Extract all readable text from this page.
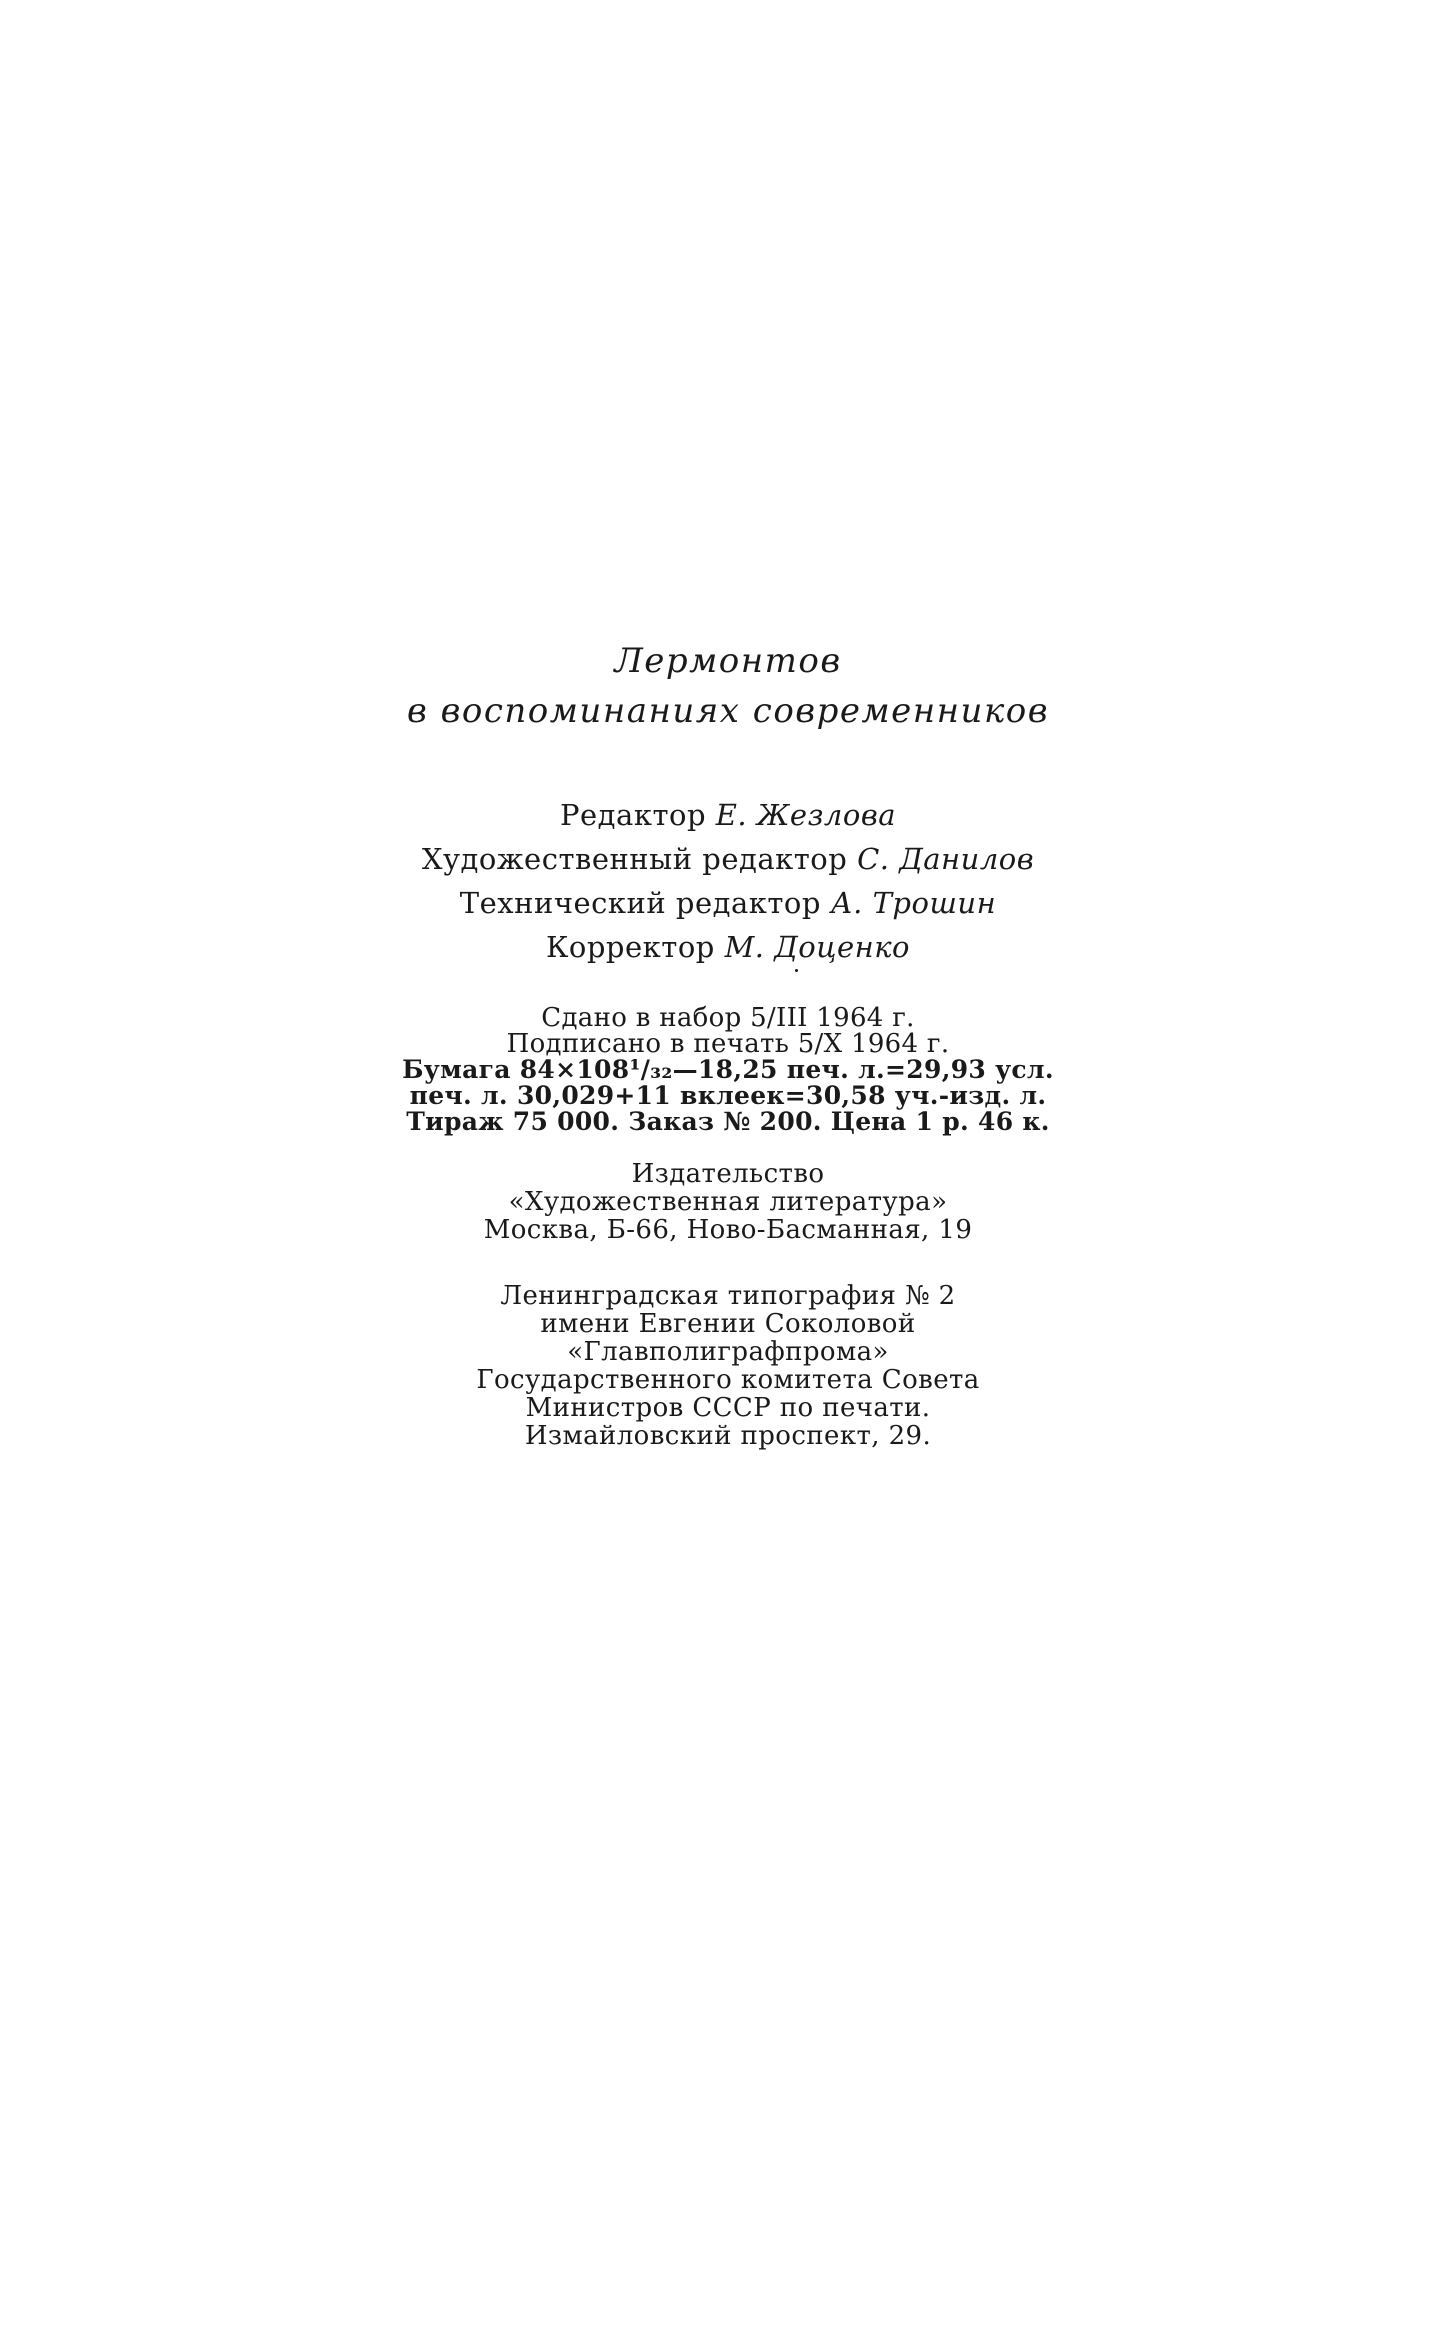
Лермонтов
в воспоминаниях современников
Редактор Е. Жезлова
Художественный редактор С. Данилов
Технический редактор А. Трошин
Корректор М. Доценко
Сдано в набор 5/III 1964 г.
Подписано в печать 5/X 1964 г.
Бумага 84×108¹/₃₂—18,25 печ. л.=29,93 усл.
печ. л. 30,029+11 вклеек=30,58 уч.-изд. л.
Тираж 75 000. Заказ № 200. Цена 1 р. 46 к.
Издательство
«Художественная литература»
Москва, Б-66, Ново-Басманная, 19
Ленинградская типография № 2
имени Евгении Соколовой
«Главполиграфпрома»
Государственного комитета Совета
Министров СССР по печати.
Измайловский проспект, 29.
